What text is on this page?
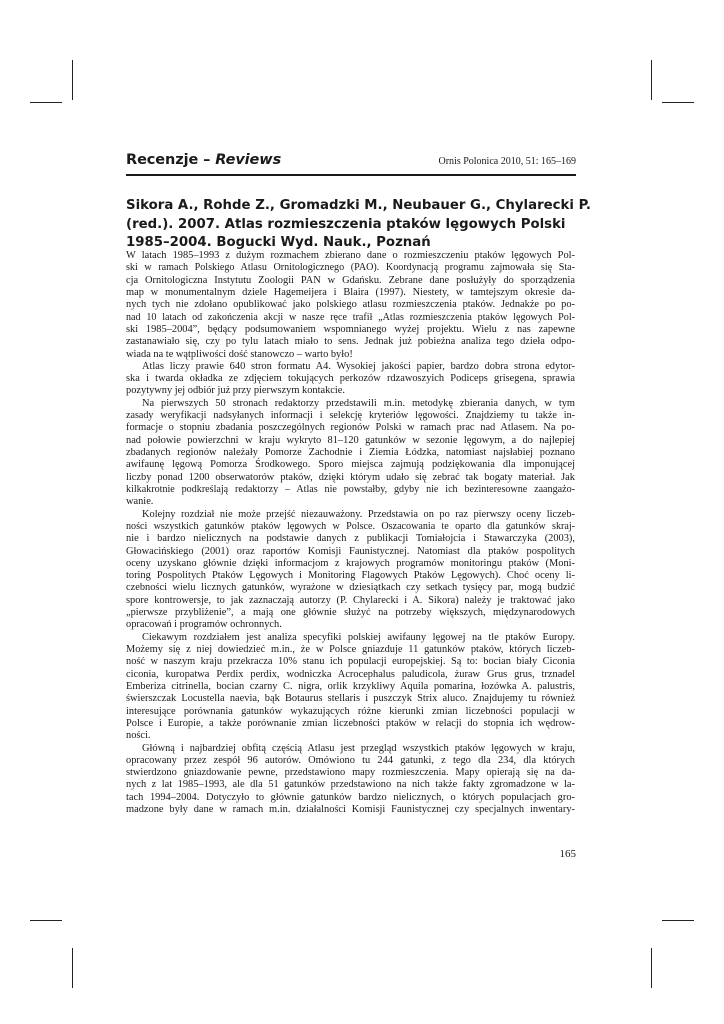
Recenzje – Reviews	Ornis Polonica 2010, 51: 165–169
Sikora A., Rohde Z., Gromadzki M., Neubauer G., Chylarecki P.
(red.). 2007. Atlas rozmieszczenia ptaków lęgowych Polski
1985–2004. Bogucki Wyd. Nauk., Poznań
W latach 1985–1993 z dużym rozmachem zbierano dane o rozmieszczeniu ptaków lęgowych Pol-
ski w ramach Polskiego Atlasu Ornitologicznego (PAO). Koordynacją programu zajmowała się Sta-
cja Ornitologiczna Instytutu Zoologii PAN w Gdańsku. Zebrane dane posłużyły do sporządzenia
map w monumentalnym dziele Hagemeijera i Blaira (1997). Niestety, w tamtejszym okresie da-
nych tych nie zdołano opublikować jako polskiego atlasu rozmieszczenia ptaków. Jednakże po po-
nad 10 latach od zakończenia akcji w nasze ręce trafił „Atlas rozmieszczenia ptaków lęgowych Pol-
ski 1985–2004”, będący podsumowaniem wspomnianego wyżej projektu. Wielu z nas zapewne
zastanawiało się, czy po tylu latach miało to sens. Jednak już pobieżna analiza tego dzieła odpo-
wiada na te wątpliwości dość stanowczo – warto było!
Atlas liczy prawie 640 stron formatu A4. Wysokiej jakości papier, bardzo dobra strona edytor-
ska i twarda okładka ze zdjęciem tokujących perkozów rdzawoszyich Podiceps grisegena, sprawia
pozytywny jej odbiór już przy pierwszym kontakcie.
Na pierwszych 50 stronach redaktorzy przedstawili m.in. metodykę zbierania danych, w tym
zasady weryfikacji nadsyłanych informacji i selekcję kryteriów lęgowości. Znajdziemy tu także in-
formacje o stopniu zbadania poszczególnych regionów Polski w ramach prac nad Atlasem. Na po-
nad połowie powierzchni w kraju wykryto 81–120 gatunków w sezonie lęgowym, a do najlepiej
zbadanych regionów należały Pomorze Zachodnie i Ziemia Łódzka, natomiast najsłabiej poznano
awifaunę lęgową Pomorza Środkowego. Sporo miejsca zajmują podziękowania dla imponującej
liczby ponad 1200 obserwatorów ptaków, dzięki którym udało się zebrać tak bogaty materiał. Jak
kilkakrotnie podkreślają redaktorzy – Atlas nie powstałby, gdyby nie ich bezinteresowne zaangażo-
wanie.
Kolejny rozdział nie może przejść niezauważony. Przedstawia on po raz pierwszy oceny liczeb-
ności wszystkich gatunków ptaków lęgowych w Polsce. Oszacowania te oparto dla gatunków skraj-
nie i bardzo nielicznych na podstawie danych z publikacji Tomiałojcia i Stawarczyka (2003),
Głowacińskiego (2001) oraz raportów Komisji Faunistycznej. Natomiast dla ptaków pospolitych
oceny uzyskano głównie dzięki informacjom z krajowych programów monitoringu ptaków (Moni-
toring Pospolitych Ptaków Lęgowych i Monitoring Flagowych Ptaków Lęgowych). Choć oceny li-
czebności wielu licznych gatunków, wyrażone w dziesiątkach czy setkach tysięcy par, mogą budzić
spore kontrowersje, to jak zaznaczają autorzy (P. Chylarecki i A. Sikora) należy je traktować jako
„pierwsze przybliżenie”, a mają one głównie służyć na potrzeby większych, międzynarodowych
opracowań i programów ochronnych.
Ciekawym rozdziałem jest analiza specyfiki polskiej awifauny lęgowej na tle ptaków Europy.
Możemy się z niej dowiedzieć m.in., że w Polsce gniazduje 11 gatunków ptaków, których liczeb-
ność w naszym kraju przekracza 10% stanu ich populacji europejskiej. Są to: bocian biały Ciconia
ciconia, kuropatwa Perdix perdix, wodniczka Acrocephalus paludicola, żuraw Grus grus, trznadel
Emberiza citrinella, bocian czarny C. nigra, orlik krzykliwy Aquila pomarina, łozówka A. palustris,
świerszczak Locustella naevia, bąk Botaurus stellaris i puszczyk Strix aluco. Znajdujemy tu również
interesujące porównania gatunków wykazujących różne kierunki zmian liczebności populacji w
Polsce i Europie, a także porównanie zmian liczebności ptaków w relacji do stopnia ich wędrow-
ności.
Główną i najbardziej obfitą częścią Atlasu jest przegląd wszystkich ptaków lęgowych w kraju,
opracowany przez zespół 96 autorów. Omówiono tu 244 gatunki, z tego dla 234, dla których
stwierdzono gniazdowanie pewne, przedstawiono mapy rozmieszczenia. Mapy opierają się na da-
nych z lat 1985–1993, ale dla 51 gatunków przedstawiono na nich także fakty zgromadzone w la-
tach 1994–2004. Dotyczyło to głównie gatunków bardzo nielicznych, o których populacjach gro-
madzone były dane w ramach m.in. działalności Komisji Faunistycznej czy specjalnych inwentary-
165
